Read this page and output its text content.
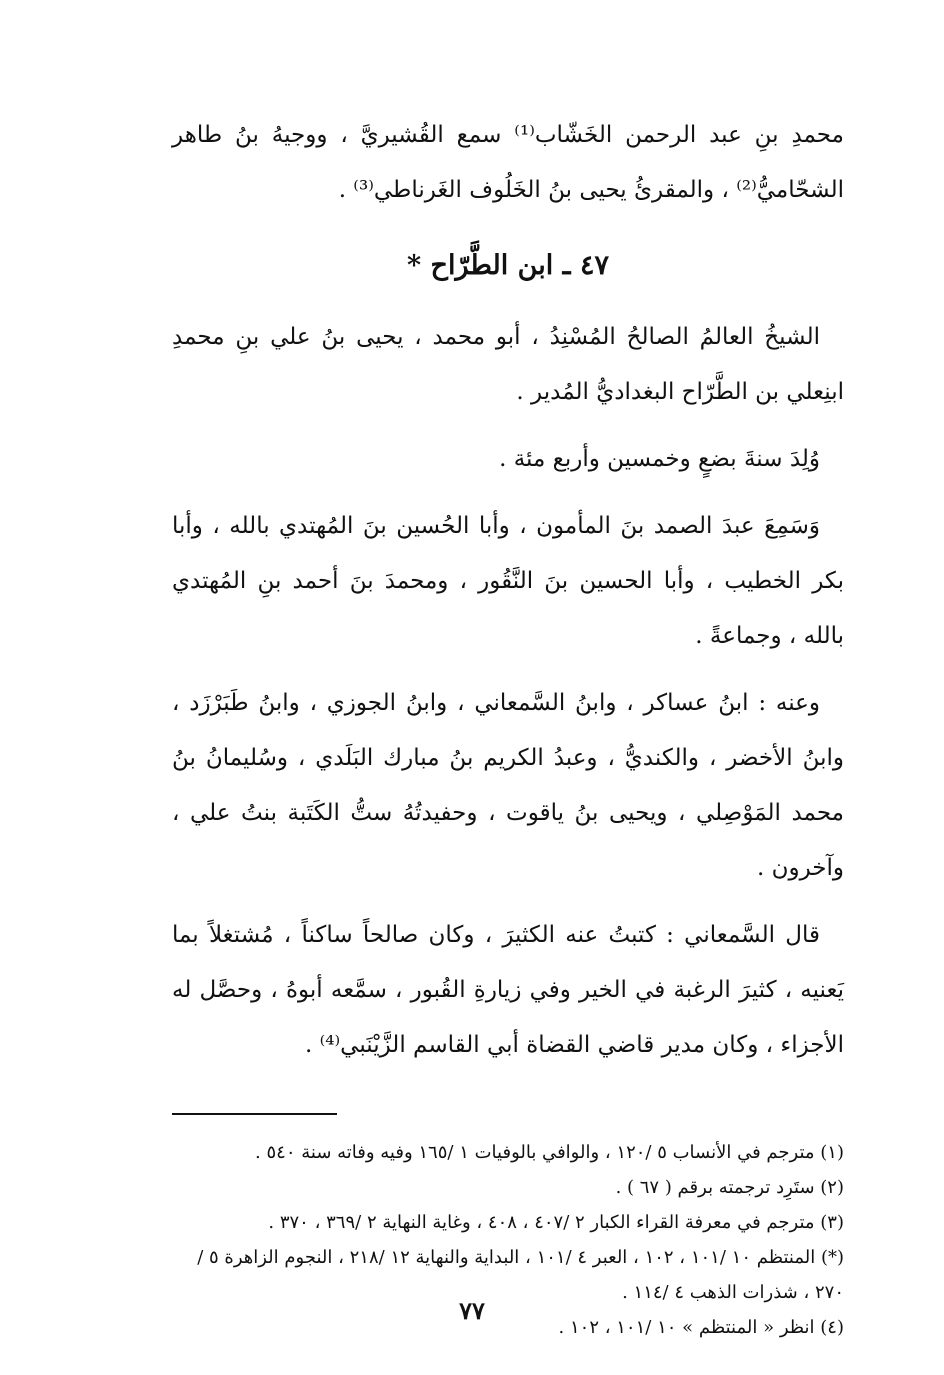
محمدِ بنِ عبد الرحمن الخَشّاب⁽¹⁾ سمع القُشيريَّ ، ووجيهُ بنُ طاهر الشحّاميُّ⁽²⁾ ، والمقرئُ يحيى بنُ الخَلُوف الغَرناطي⁽³⁾ .

٤٧ ـ ابن الطَّرّاح *

الشيخُ العالمُ الصالحُ المُسْنِدُ ، أبو محمد ، يحيى بنُ علي بنِ محمدِ ابنِعلي بن الطَّرّاح البغداديُّ المُدير .

وُلِدَ سنةَ بضعٍ وخمسين وأربع مئة .

وَسَمِعَ عبدَ الصمد بنَ المأمون ، وأبا الحُسين بنَ المُهتدي بالله ، وأبا بكر الخطيب ، وأبا الحسين بنَ النَّقُور ، ومحمدَ بنَ أحمد بنِ المُهتدي بالله ، وجماعةً .

وعنه : ابنُ عساكر ، وابنُ السَّمعاني ، وابنُ الجوزي ، وابنُ طَبَرْزَد ، وابنُ الأخضر ، والكنديُّ ، وعبدُ الكريم بنُ مبارك البَلَدي ، وسُليمانُ بنُ محمد المَوْصِلي ، ويحيى بنُ ياقوت ، وحفيدتُهُ ستُّ الكَتَبة بنتُ علي ، وآخرون .

قال السَّمعاني : كتبتُ عنه الكثيرَ ، وكان صالحاً ساكناً ، مُشتغلاً بما يَعنيه ، كثيرَ الرغبة في الخير وفي زيارةِ القُبور ، سمَّعه أبوهُ ، وحصَّل له الأجزاء ، وكان مدير قاضي القضاة أبي القاسم الزَّيْنَبي⁽⁴⁾ .

(١) مترجم في الأنساب ٥ /١٢٠ ، والوافي بالوفيات ١ /١٦٥ وفيه وفاته سنة ٥٤٠ .

(٢) ستَرِد ترجمته برقم ( ٦٧ ) .

(٣) مترجم في معرفة القراء الكبار ٢ /٤٠٧ ، ٤٠٨ ، وغاية النهاية ٢ /٣٦٩ ، ٣٧٠ .

(*) المنتظم ١٠ /١٠١ ، ١٠٢ ، العبر ٤ /١٠١ ، البداية والنهاية ١٢ /٢١٨ ، النجوم الزاهرة ٥ /٢٧٠ ، شذرات الذهب ٤ /١١٤ .

(٤) انظر « المنتظم » ١٠ /١٠١ ، ١٠٢ .

٧٧
